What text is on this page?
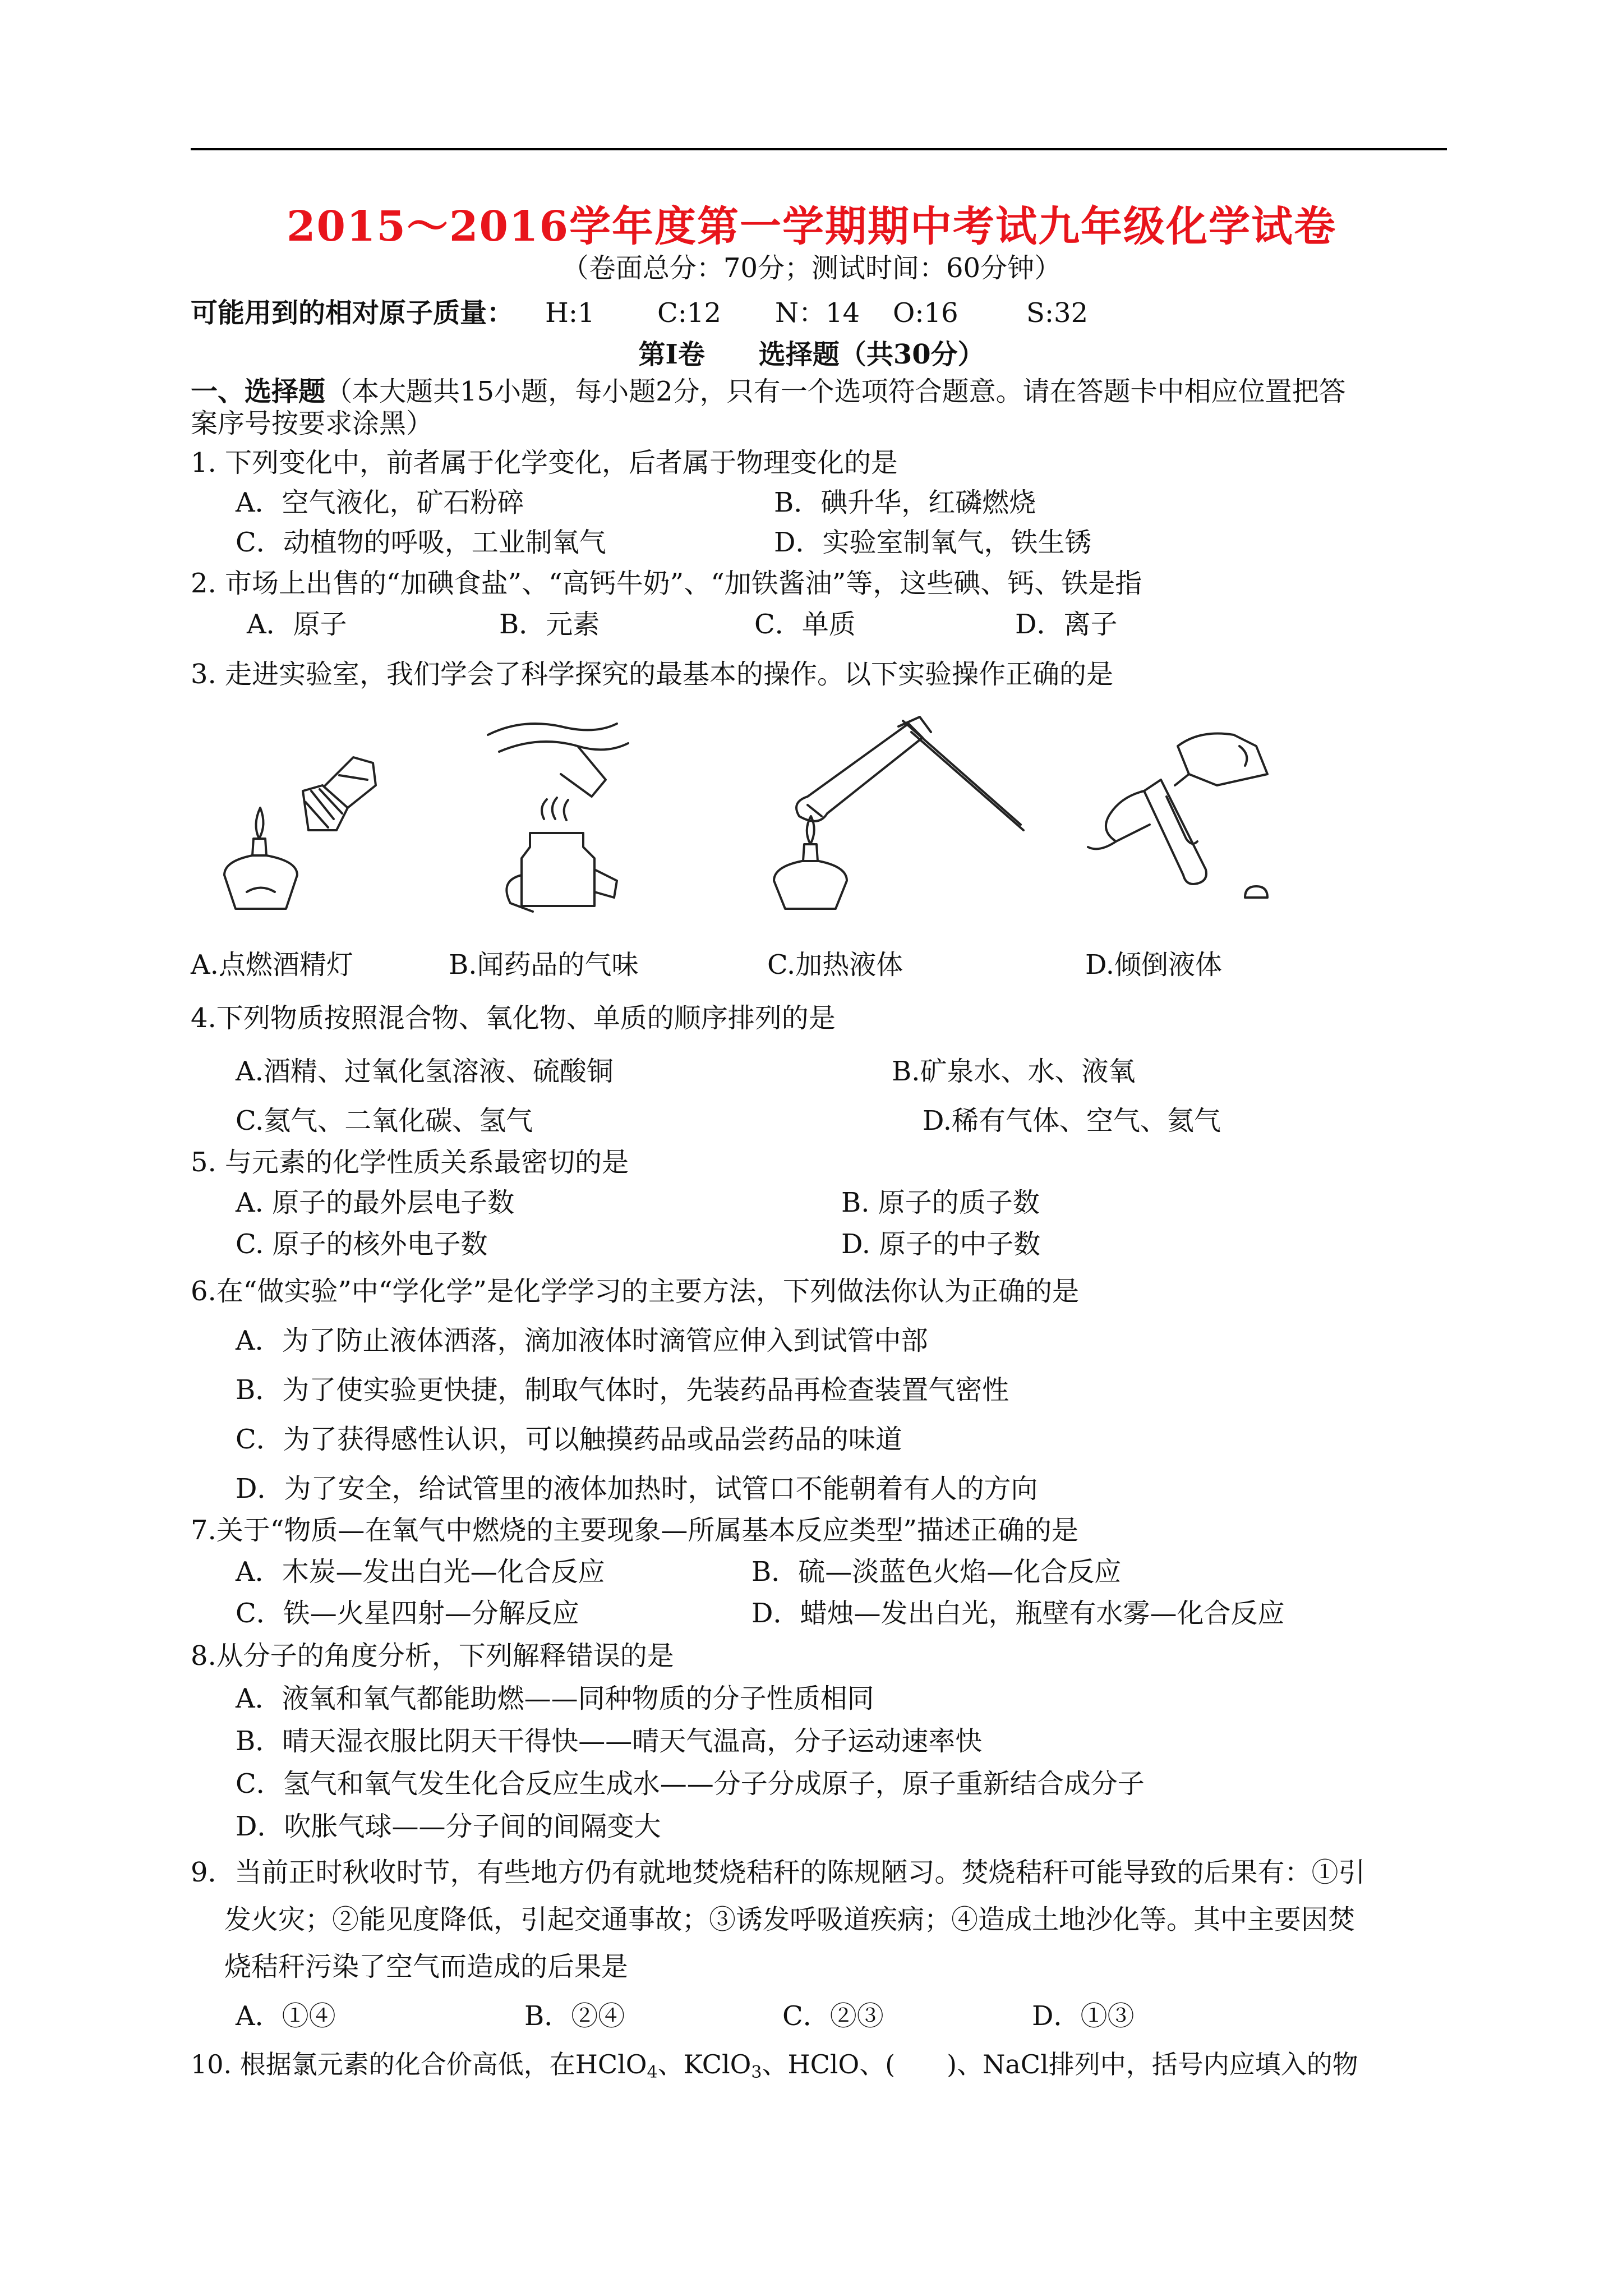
2015～2016学年度第一学期期中考试九年级化学试卷
（卷面总分：70分；测试时间：60分钟）
可能用到的相对原子质量： H:1 C:12 N：14 O:16	S:32
第Ⅰ卷　　选择题（共30分）
一、选择题（本大题共15小题，每小题2分，只有一个选项符合题意。请在答题卡中相应位置把答
案序号按要求涂黑）
1. 下列变化中，前者属于化学变化，后者属于物理变化的是
A．空气液化，矿石粉碎	B．碘升华，红磷燃烧
C．动植物的呼吸，工业制氧气	D．实验室制氧气，铁生锈
2. 市场上出售的“加碘食盐”、“高钙牛奶”、“加铁酱油”等，这些碘、钙、铁是指
A．原子	B．元素	C．单质	D．离子
3. 走进实验室，我们学会了科学探究的最基本的操作。以下实验操作正确的是
A.点燃酒精灯	B.闻药品的气味	C.加热液体	D.倾倒液体
4.下列物质按照混合物、氧化物、单质的顺序排列的是
A.酒精、过氧化氢溶液、硫酸铜	B.矿泉水、水、液氧
C.氦气、二氧化碳、氢气	D.稀有气体、空气、氦气
5. 与元素的化学性质关系最密切的是
A. 原子的最外层电子数	B. 原子的质子数
C. 原子的核外电子数	D. 原子的中子数
6.在“做实验”中“学化学”是化学学习的主要方法，下列做法你认为正确的是
A．为了防止液体洒落，滴加液体时滴管应伸入到试管中部
B．为了使实验更快捷，制取气体时，先装药品再检查装置气密性
C．为了获得感性认识，可以触摸药品或品尝药品的味道
D．为了安全，给试管里的液体加热时，试管口不能朝着有人的方向
7.关于“物质—在氧气中燃烧的主要现象—所属基本反应类型”描述正确的是
A．木炭—发出白光—化合反应	B．硫—淡蓝色火焰—化合反应
C．铁—火星四射—分解反应	D．蜡烛—发出白光，瓶壁有水雾—化合反应
8.从分子的角度分析，下列解释错误的是
A．液氧和氧气都能助燃——同种物质的分子性质相同
B．晴天湿衣服比阴天干得快——晴天气温高，分子运动速率快
C．氢气和氧气发生化合反应生成水——分子分成原子，原子重新结合成分子
D．吹胀气球——分子间的间隔变大
9．当前正时秋收时节，有些地方仍有就地焚烧秸秆的陈规陋习。焚烧秸秆可能导致的后果有：①引
发火灾；②能见度降低，引起交通事故；③诱发呼吸道疾病；④造成土地沙化等。其中主要因焚
烧秸秆污染了空气而造成的后果是
A．①④	B．②④	C．②③	D．①③
10. 根据氯元素的化合价高低，在HClO$_4$、KClO$_3$、HClO、(　　)、NaCl排列中，括号内应填入的物
